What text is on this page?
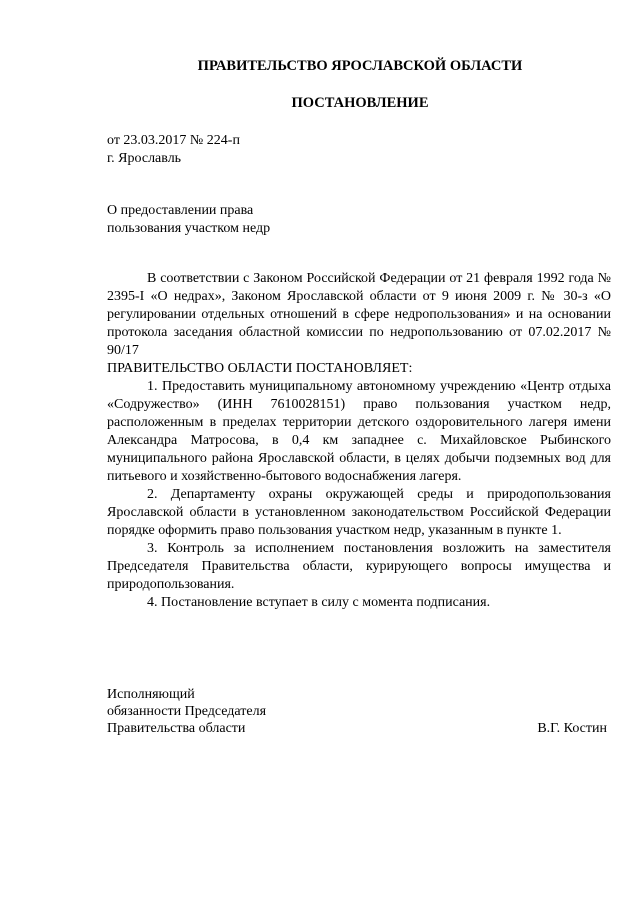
ПРАВИТЕЛЬСТВО ЯРОСЛАВСКОЙ ОБЛАСТИ
ПОСТАНОВЛЕНИЕ

от 23.03.2017 № 224-п

г. Ярославль

О предоставлении права
пользования участком недр

В соответствии с Законом Российской Федерации от 21 февраля 1992 года № 2395-I «О недрах», Законом Ярославской области от 9 июня 2009 г. № 30-з «О регулировании отдельных отношений в сфере недропользования» и на основании протокола заседания областной комиссии по недропользованию от 07.02.2017 № 90/17

ПРАВИТЕЛЬСТВО ОБЛАСТИ ПОСТАНОВЛЯЕТ:

1. Предоставить муниципальному автономному учреждению «Центр отдыха «Содружество» (ИНН 7610028151) право пользования участком недр, расположенным в пределах территории детского оздоровительного лагеря имени Александра Матросова, в 0,4 км западнее с. Михайловское Рыбинского муниципального района Ярославской области, в целях добычи подземных вод для питьевого и хозяйственно-бытового водоснабжения лагеря.

2. Департаменту охраны окружающей среды и природопользования Ярославской области в установленном законодательством Российской Федерации порядке оформить право пользования участком недр, указанным в пункте 1.

3. Контроль за исполнением постановления возложить на заместителя Председателя Правительства области, курирующего вопросы имущества и природопользования.

4. Постановление вступает в силу с момента подписания.

Исполняющий
обязанности Председателя
Правительства области	В.Г. Костин
